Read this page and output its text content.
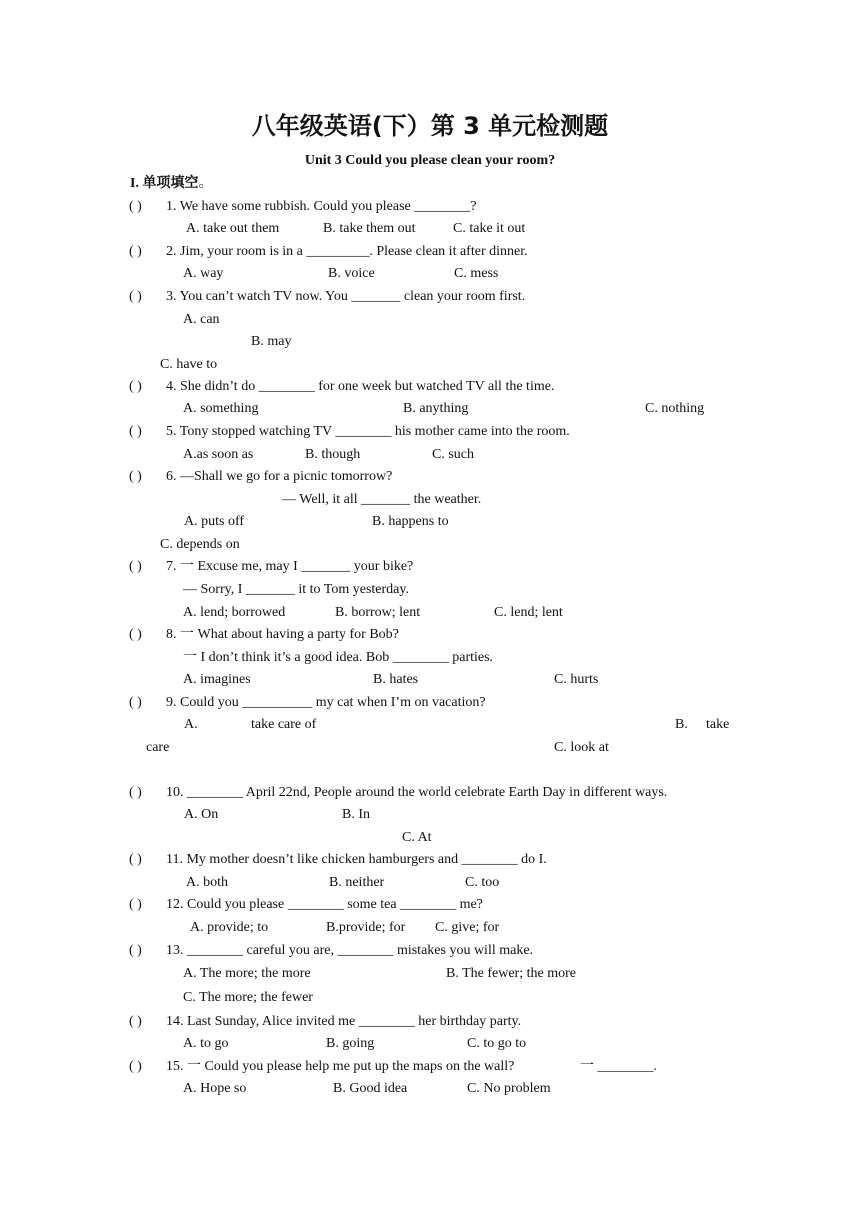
八年级英语(下）第 3 单元检测题
Unit 3 Could you please clean your room?
I. 单项填空。
( ) 1. We have some rubbish. Could you please ________?
A. take out them	B. take them out	C. take it out
( ) 2. Jim, your room is in a _________. Please clean it after dinner.
A. way	B. voice	C. mess
( ) 3. You can’t watch TV now. You _______ clean your room first.
A. can
B. may
C. have to
( ) 4. She didn’t do ________ for one week but watched TV all the time.
A. something	B. anything	C. nothing
( ) 5. Tony stopped watching TV ________ his mother came into the room.
A.as soon as	B. though	C. such
( ) 6. —Shall we go for a picnic tomorrow?
— Well, it all _______ the weather.
A. puts off	B. happens to
C. depends on
( ) 7. 一 Excuse me, may I _______ your bike?
— Sorry, I _______ it to Tom yesterday.
A. lend; borrowed	B. borrow; lent	C. lend; lent
( ) 8. 一 What about having a party for Bob?
一 I don’t think it’s a good idea. Bob ________ parties.
A. imagines	B. hates	C. hurts
( ) 9. Could you __________ my cat when I’m on vacation?
A.	take care of	B. take
care	C. look at
( ) 10. ________ April 22nd, People around the world celebrate Earth Day in different ways.
A. On	B. In
C. At
( ) 11. My mother doesn’t like chicken hamburgers and ________ do I.
A. both	B. neither	C. too
( ) 12. Could you please ________ some tea ________ me?
A. provide; to	B.provide; for C. give; for
( ) 13. ________ careful you are, ________ mistakes you will make.
A. The more; the more	B. The fewer; the more
C. The more; the fewer
( ) 14. Last Sunday, Alice invited me ________ her birthday party.
A. to go	B. going	C. to go to
( ) 15. 一 Could you please help me put up the maps on the wall?	一 ________.
A. Hope so	B. Good idea	C. No problem
